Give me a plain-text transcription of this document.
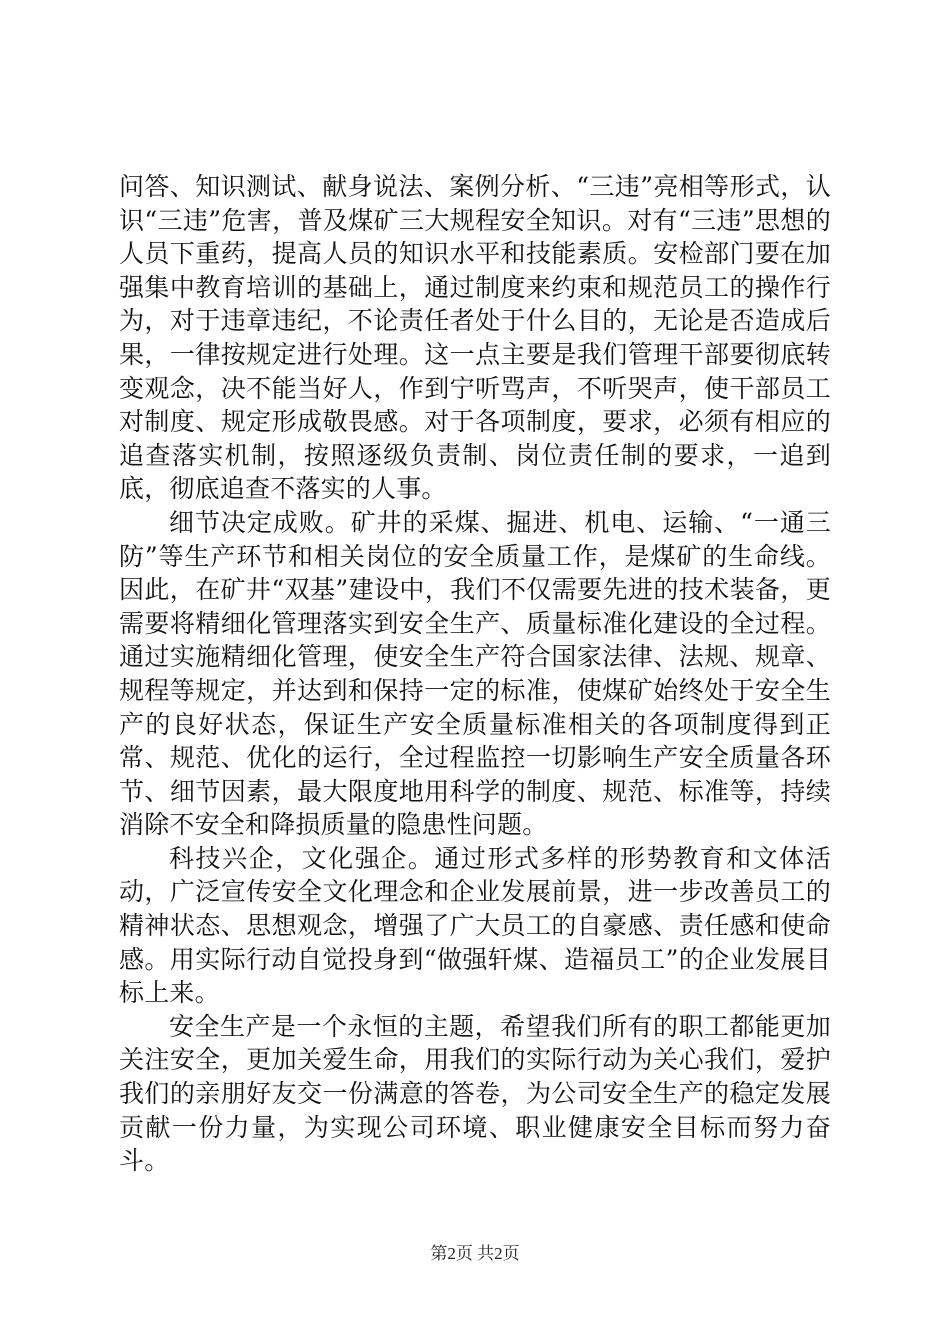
问答、知识测试、献身说法、案例分析、“三违”亮相等形式，认识“三违”危害，普及煤矿三大规程安全知识。对有“三违”思想的人员下重药，提高人员的知识水平和技能素质。安检部门要在加强集中教育培训的基础上，通过制度来约束和规范员工的操作行为，对于违章违纪，不论责任者处于什么目的，无论是否造成后果，一律按规定进行处理。这一点主要是我们管理干部要彻底转变观念，决不能当好人，作到宁听骂声，不听哭声，使干部员工对制度、规定形成敬畏感。对于各项制度，要求，必须有相应的追查落实机制，按照逐级负责制、岗位责任制的要求，一追到底，彻底追查不落实的人事。

细节决定成败。矿井的采煤、掘进、机电、运输、“一通三防”等生产环节和相关岗位的安全质量工作，是煤矿的生命线。因此，在矿井“双基”建设中，我们不仅需要先进的技术装备，更需要将精细化管理落实到安全生产、质量标准化建设的全过程。通过实施精细化管理，使安全生产符合国家法律、法规、规章、规程等规定，并达到和保持一定的标准，使煤矿始终处于安全生产的良好状态，保证生产安全质量标准相关的各项制度得到正常、规范、优化的运行，全过程监控一切影响生产安全质量各环节、细节因素，最大限度地用科学的制度、规范、标准等，持续消除不安全和降损质量的隐患性问题。

科技兴企，文化强企。通过形式多样的形势教育和文体活动，广泛宣传安全文化理念和企业发展前景，进一步改善员工的精神状态、思想观念，增强了广大员工的自豪感、责任感和使命感。用实际行动自觉投身到“做强轩煤、造福员工”的企业发展目标上来。

安全生产是一个永恒的主题，希望我们所有的职工都能更加关注安全，更加关爱生命，用我们的实际行动为关心我们，爱护我们的亲朋好友交一份满意的答卷，为公司安全生产的稳定发展贡献一份力量，为实现公司环境、职业健康安全目标而努力奋斗。

第2页 共2页
